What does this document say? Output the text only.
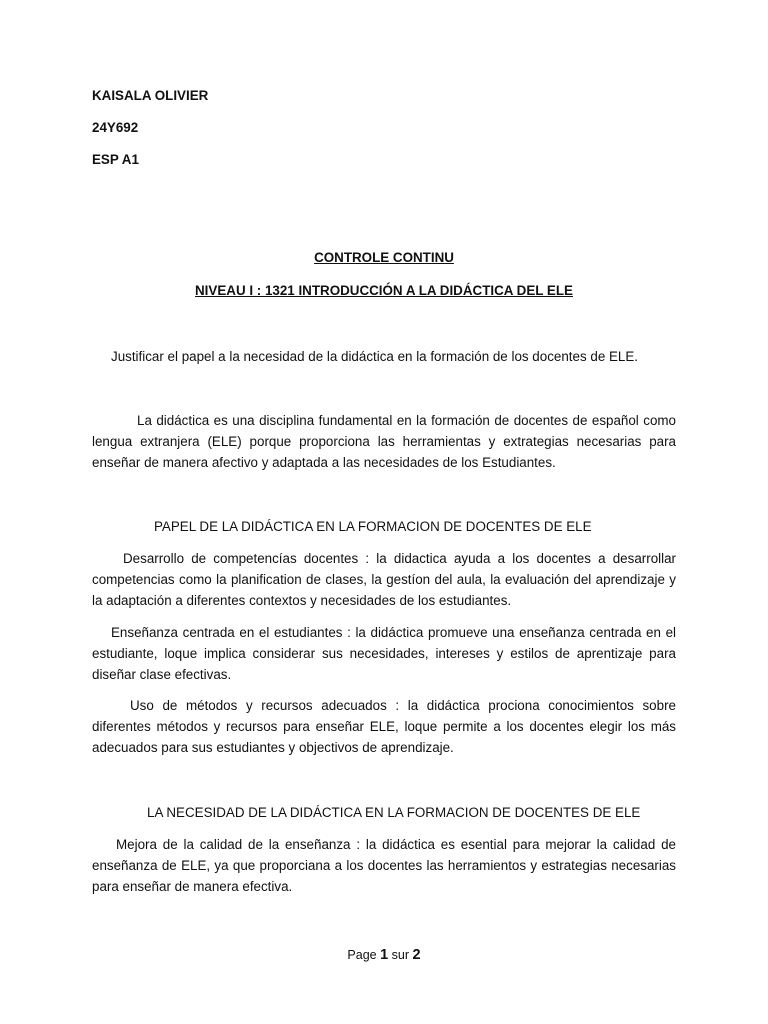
KAISALA OLIVIER

24Y692

ESP A1

CONTROLE CONTINU

NIVEAU I : 1321 INTRODUCCIÓN A LA DIDÁCTICA DEL ELE

Justificar el papel a la necesidad de la didáctica en la formación de los docentes de ELE.

La didáctica es una disciplina fundamental en la formación de docentes de español como lengua extranjera (ELE) porque proporciona las herramientas y extrategias necesarias para enseñar de manera afectivo y adaptada a las necesidades de los Estudiantes.

PAPEL DE LA DIDÁCTICA EN LA FORMACION DE DOCENTES DE ELE

Desarrollo de competencías docentes : la didactica ayuda a los docentes a desarrollar competencias como la planification de clases, la gestíon del aula, la evaluación del aprendizaje y la adaptación a diferentes contextos y necesidades de los estudiantes.

Enseñanza centrada en el estudiantes : la didáctica promueve una enseñanza centrada en el estudiante, loque implica considerar sus necesidades, intereses y estilos de aprentizaje para diseñar clase efectivas.

Uso de métodos y recursos adecuados : la didáctica prociona conocimientos sobre diferentes métodos y recursos para enseñar ELE, loque permite a los docentes elegir los más adecuados para sus estudiantes y objectivos de aprendizaje.

LA NECESIDAD DE LA DIDÁCTICA EN LA FORMACION DE DOCENTES DE ELE

Mejora de la calidad de la enseñanza : la didáctica es esential para mejorar la calidad de enseñanza de ELE, ya que proporciana a los docentes las herramientos y estrategias necesarias para enseñar de manera efectiva.

Page 1 sur 2
